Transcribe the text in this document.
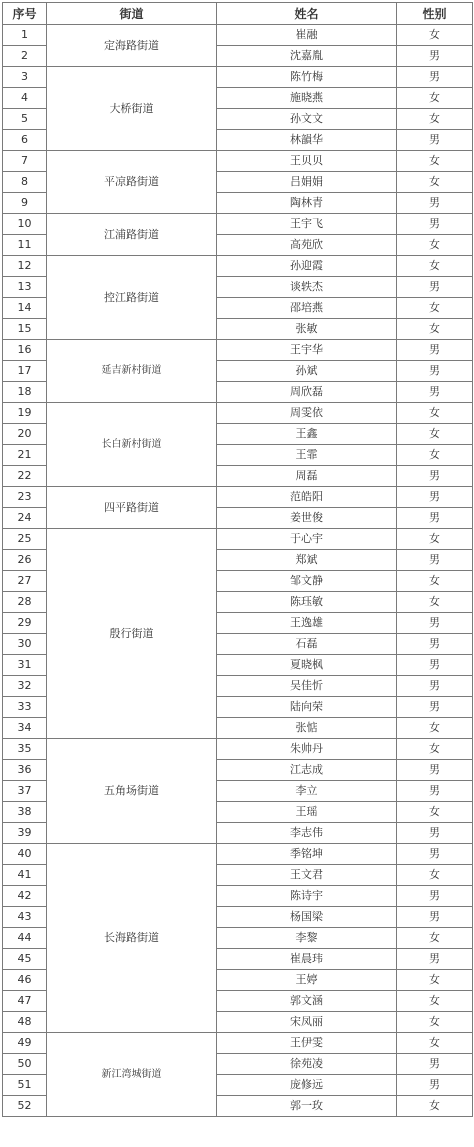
序号	街道	姓名	性别
1	定海路街道	崔融	女
2		沈嘉胤	男
3	大桥街道	陈竹梅	男
4		施晓燕	女
5		孙文文	女
6		林韻华	男
7	平凉路街道	王贝贝	女
8		吕娟娟	女
9		陶林青	男
10	江浦路街道	王宇飞	男
11		高苑欣	女
12	控江路街道	孙迎霞	女
13		谈轶杰	男
14		邵培燕	女
15		张敏	女
16	延吉新村街道	王宇华	男
17		孙斌	男
18		周欣磊	男
19	长白新村街道	周雯依	女
20		王鑫	女
21		王霏	女
22		周磊	男
23	四平路街道	范皓阳	男
24		姜世俊	男
25	殷行街道	于心宇	女
26		郑斌	男
27		邹文静	女
28		陈珏敏	女
29		王逸雄	男
30		石磊	男
31		夏晓枫	男
32		吴佳忻	男
33		陆向荣	男
34		张惦	女
35	五角场街道	朱帅丹	女
36		江志成	男
37		李立	男
38		王瑶	女
39		李志伟	男
40	长海路街道	季铭坤	男
41		王文君	女
42		陈诗宇	男
43		杨国梁	男
44		李黎	女
45		崔晨玮	男
46		王婷	女
47		郭文涵	女
48		宋凤丽	女
49	新江湾城街道	王伊雯	女
50		徐苑凌	男
51		庞修远	男
52		郭一玫	女
